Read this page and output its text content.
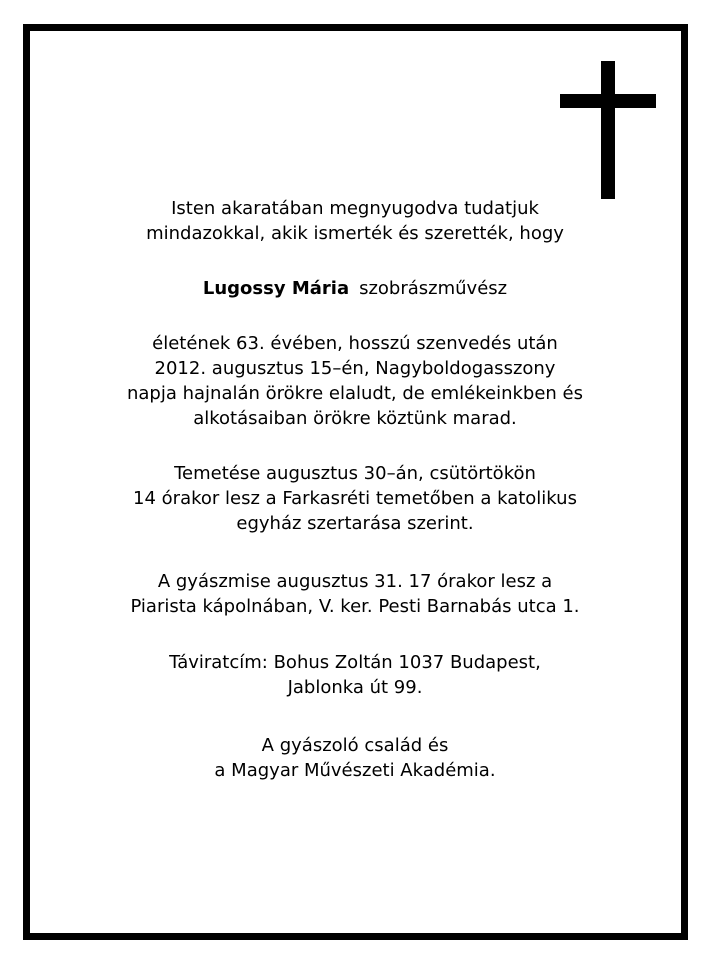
Isten akaratában megnyugodva tudatjuk
mindazokkal, akik ismerték és szerették, hogy
Lugossy Mária szobrászművész
életének 63. évében, hosszú szenvedés után
2012. augusztus 15–én, Nagyboldogasszony
napja hajnalán örökre elaludt, de emlékeinkben és
alkotásaiban örökre köztünk marad.
Temetése augusztus 30–án, csütörtökön
14 órakor lesz a Farkasréti temetőben a katolikus
egyház szertarása szerint.
A gyászmise augusztus 31. 17 órakor lesz a
Piarista kápolnában, V. ker. Pesti Barnabás utca 1.
Táviratcím: Bohus Zoltán 1037 Budapest,
Jablonka út 99.
A gyászoló család és
a Magyar Művészeti Akadémia.
